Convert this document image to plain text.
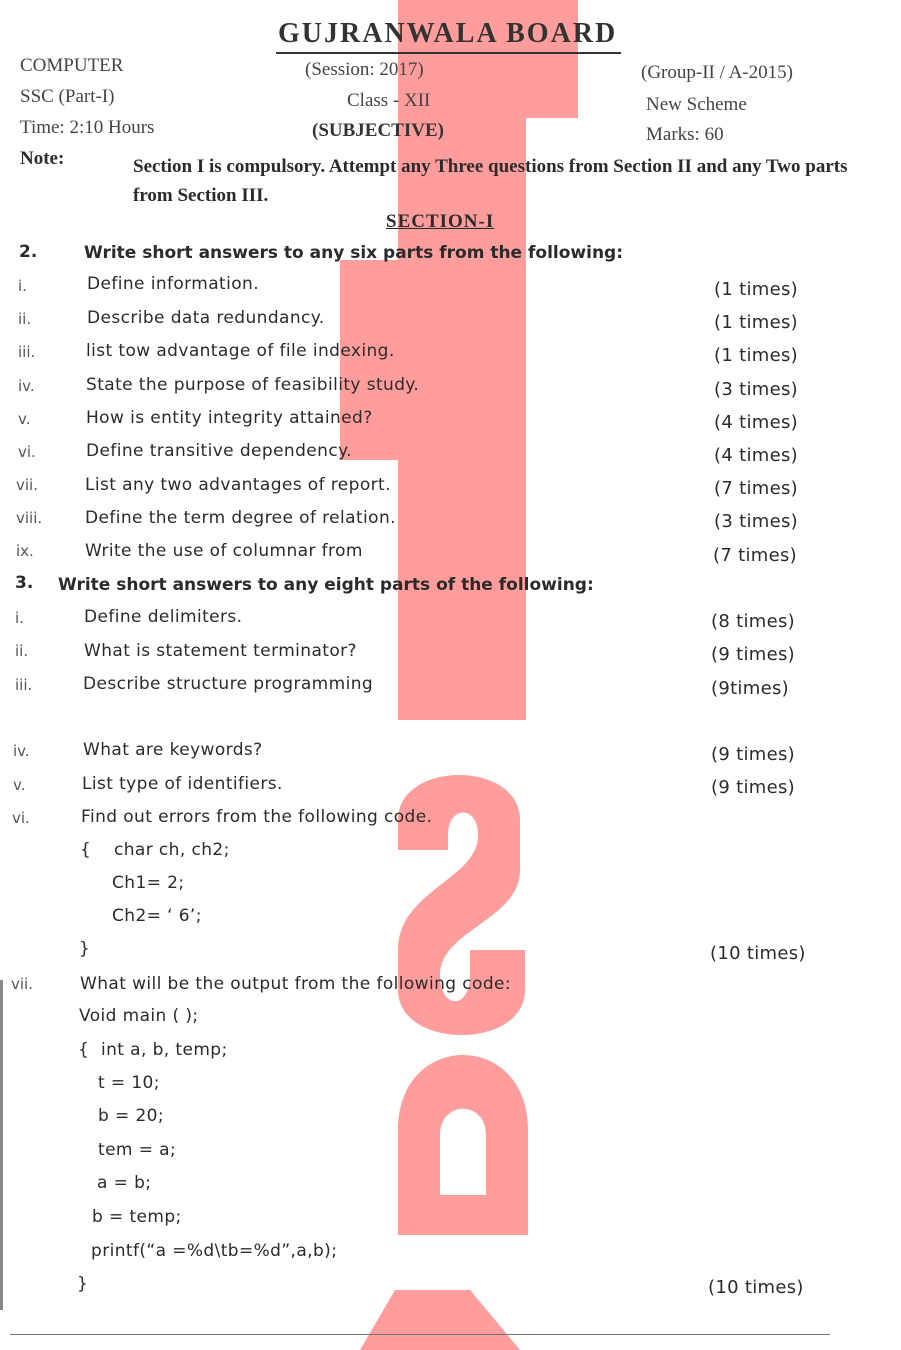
GUJRANWALA BOARD
COMPUTER	(Session: 2017)	(Group-II / A-2015)
SSC (Part-I)	Class - XII	New Scheme
Time: 2:10 Hours	(SUBJECTIVE)	Marks: 60
Note:	Section I is compulsory. Attempt any Three questions from Section II and any Two parts from Section III.
SECTION-I
2.	Write short answers to any six parts from the following:
i.	Define information.	(1 times)
ii.	Describe data redundancy.	(1 times)
iii.	list tow advantage of file indexing.	(1 times)
iv.	State the purpose of feasibility study.	(3 times)
v.	How is entity integrity attained?	(4 times)
vi.	Define transitive dependency.	(4 times)
vii.	List any two advantages of report.	(7 times)
viii.	Define the term degree of relation.	(3 times)
ix.	Write the use of columnar from	(7 times)
3. Write short answers to any eight parts of the following:
i.	Define delimiters.	(8 times)
ii.	What is statement terminator?	(9 times)
iii.	Describe structure programming	(9times)
iv.	What are keywords?	(9 times)
v.	List type of identifiers.	(9 times)
vi.	Find out errors from the following code.
{ char ch, ch2;
Ch1= 2;
Ch2= ‘ 6’;
}	(10 times)
vii.	What will be the output from the following code:
Void main ( );
{ int a, b, temp;
t = 10;
b = 20;
tem = a;
a = b;
b = temp;
printf(“a =%d\tb=%d”,a,b);
}	(10 times)
